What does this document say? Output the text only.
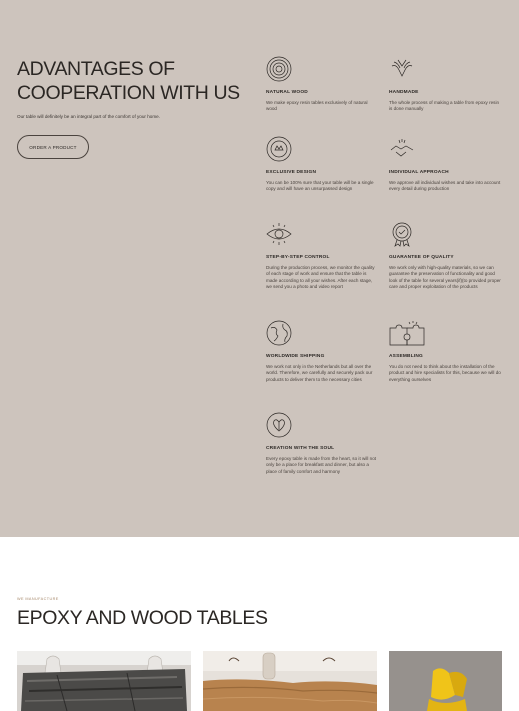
ADVANTAGES OF COOPERATION WITH US

Our table will definitely be an integral part of the comfort of your home.

ORDER A PRODUCT
NATURAL WOOD
We make epoxy resin tables exclusively of natural wood
HANDMADE
The whole process of making a table from epoxy resin is done manually
EXCLUSIVE DESIGN
You can be 100% sure that your table will be a single copy and will have an unsurpassed design
INDIVIDUAL APPROACH
We approve all individual wishes and take into account every detail during production
STEP-BY-STEP CONTROL
During the production process, we monitor the quality of each stage of work and ensure that the table is made according to all your wishes. After each stage, we send you a photo and video report
GUARANTEE OF QUALITY
We work only with high-quality materials, so we can guarantee the preservation of functionality and good look of the table for several years(if)(to provided proper care and proper exploitation of the products
WORLDWIDE SHIPPING
We work not only in the Netherlands but all over the world. Therefore, we carefully and securely pack our products to deliver them to the necessary cities
ASSEMBLING
You do not need to think about the installation of the product and hire specialists for this, because we will do everything ourselves
CREATION WITH THE SOUL
Every epoxy table is made from the heart, so it will not only be a place for breakfast and dinner, but also a place of family comfort and harmony
WE MANUFACTURE
EPOXY AND WOOD TABLES
